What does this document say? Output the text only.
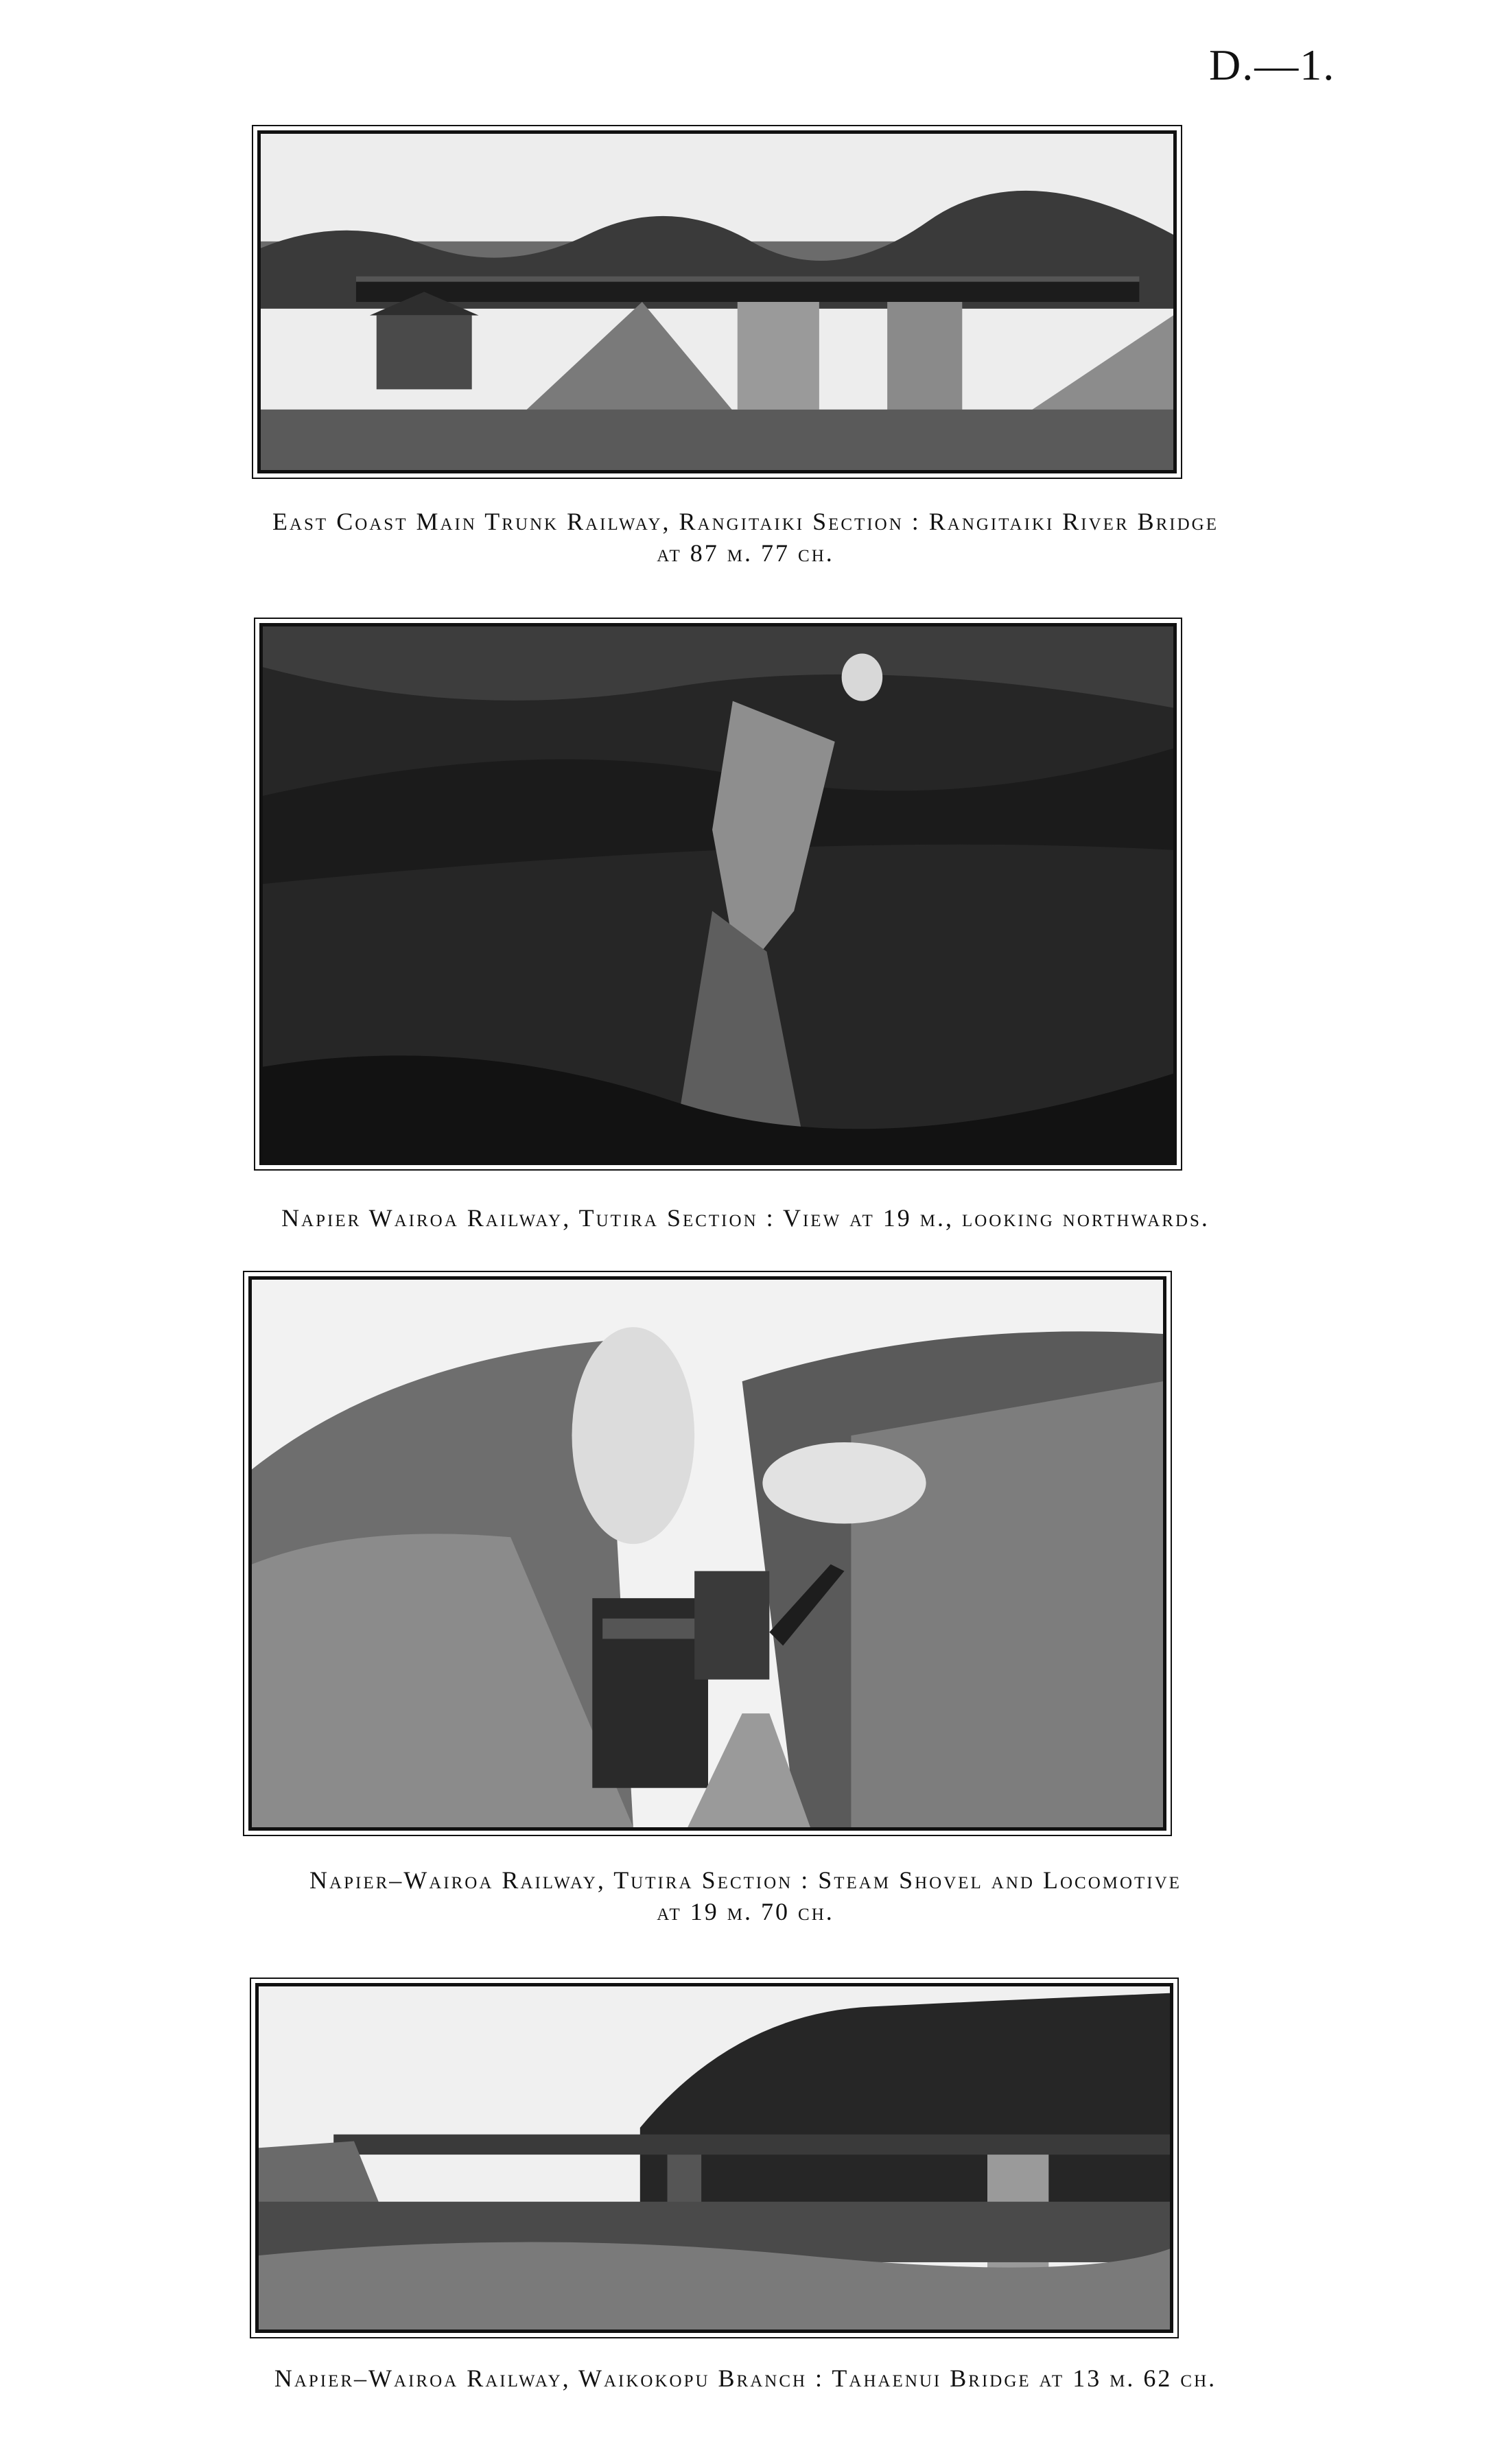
D.—1.
East Coast Main Trunk Railway, Rangitaiki Section : Rangitaiki River Bridge
at 87 m. 77 ch.
Napier Wairoa Railway, Tutira Section : View at 19 m., looking northwards.
Napier–Wairoa Railway, Tutira Section : Steam Shovel and Locomotive
at 19 m. 70 ch.
Napier–Wairoa Railway, Waikokopu Branch : Tahaenui Bridge at 13 m. 62 ch.
